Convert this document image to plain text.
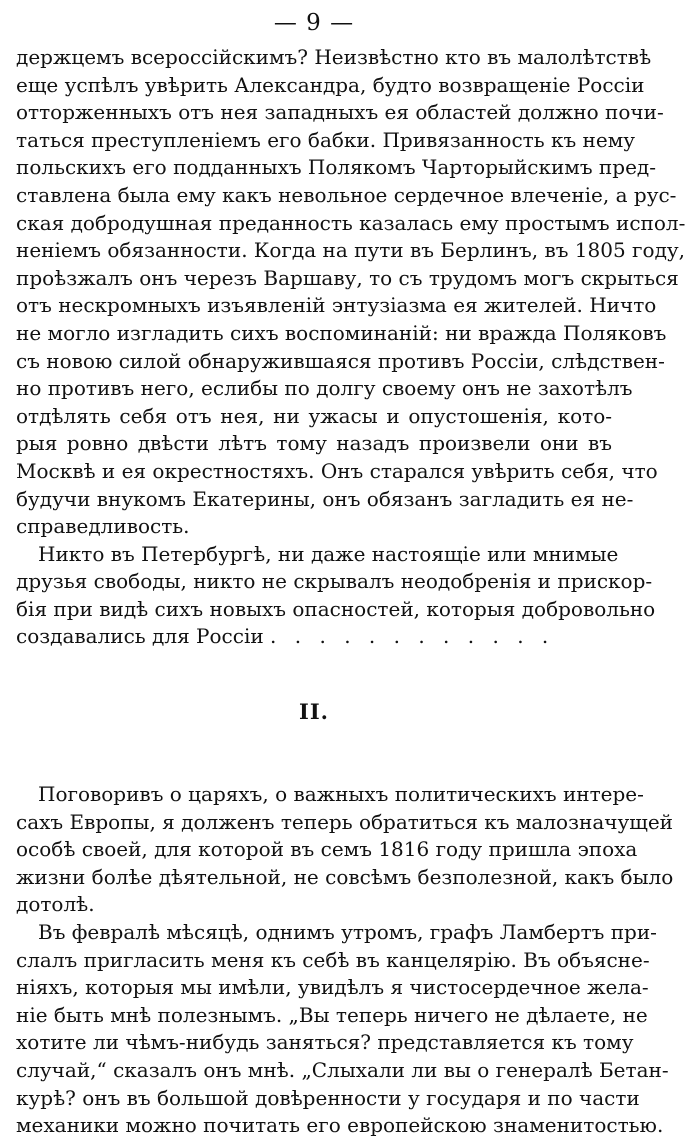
— 9 —
держцемъ всероссійскимъ? Неизвѣстно кто въ малолѣтствѣ
еще успѣлъ увѣрить Александра, будто возвращеніе Россіи
отторженныхъ отъ нея западныхъ ея областей должно почи-
таться преступленіемъ его бабки. Привязанность къ нему
польскихъ его подданныхъ Полякомъ Чарторыйскимъ пред-
ставлена была ему какъ невольное сердечное влеченіе, а рус-
ская добродушная преданность казалась ему простымъ испол-
неніемъ обязанности. Когда на пути въ Берлинъ, въ 1805 году,
проѣзжалъ онъ черезъ Варшаву, то съ трудомъ могъ скрыться
отъ нескромныхъ изъявленій энтузіазма ея жителей. Ничто
не могло изгладить сихъ воспоминаній: ни вражда Поляковъ
съ новою силой обнаружившаяся противъ Россіи, слѣдствен-
но противъ него, еслибы по долгу своему онъ не захотѣлъ
отдѣлять себя отъ нея, ни ужасы и опустошенія, кото-
рыя ровно двѣсти лѣтъ тому назадъ произвели они въ
Москвѣ и ея окрестностяхъ. Онъ старался увѣрить себя, что
будучи внукомъ Екатерины, онъ обязанъ загладить ея не-
справедливость.
Никто въ Петербургѣ, ни даже настоящіе или мнимые
друзья свободы, никто не скрывалъ неодобренія и прискор-
бія при видѣ сихъ новыхъ опасностей, которыя добровольно
создавались для Россіи . . . . . . . . . . . .
II.
Поговоривъ о царяхъ, о важныхъ политическихъ интере-
сахъ Европы, я долженъ теперь обратиться къ малозначущей
особѣ своей, для которой въ семъ 1816 году пришла эпоха
жизни болѣе дѣятельной, не совсѣмъ безполезной, какъ было
дотолѣ.
Въ февралѣ мѣсяцѣ, однимъ утромъ, графъ Ламбертъ при-
слалъ пригласить меня къ себѣ въ канцелярію. Въ объясне-
ніяхъ, которыя мы имѣли, увидѣлъ я чистосердечное жела-
ніе быть мнѣ полезнымъ. „Вы теперь ничего не дѣлаете, не
хотите ли чѣмъ-нибудь заняться? представляется къ тому
случай,“ сказалъ онъ мнѣ. „Слыхали ли вы о генералѣ Бетан-
курѣ? онъ въ большой довѣренности у государя и по части
механики можно почитать его европейскою знаменитостью.
